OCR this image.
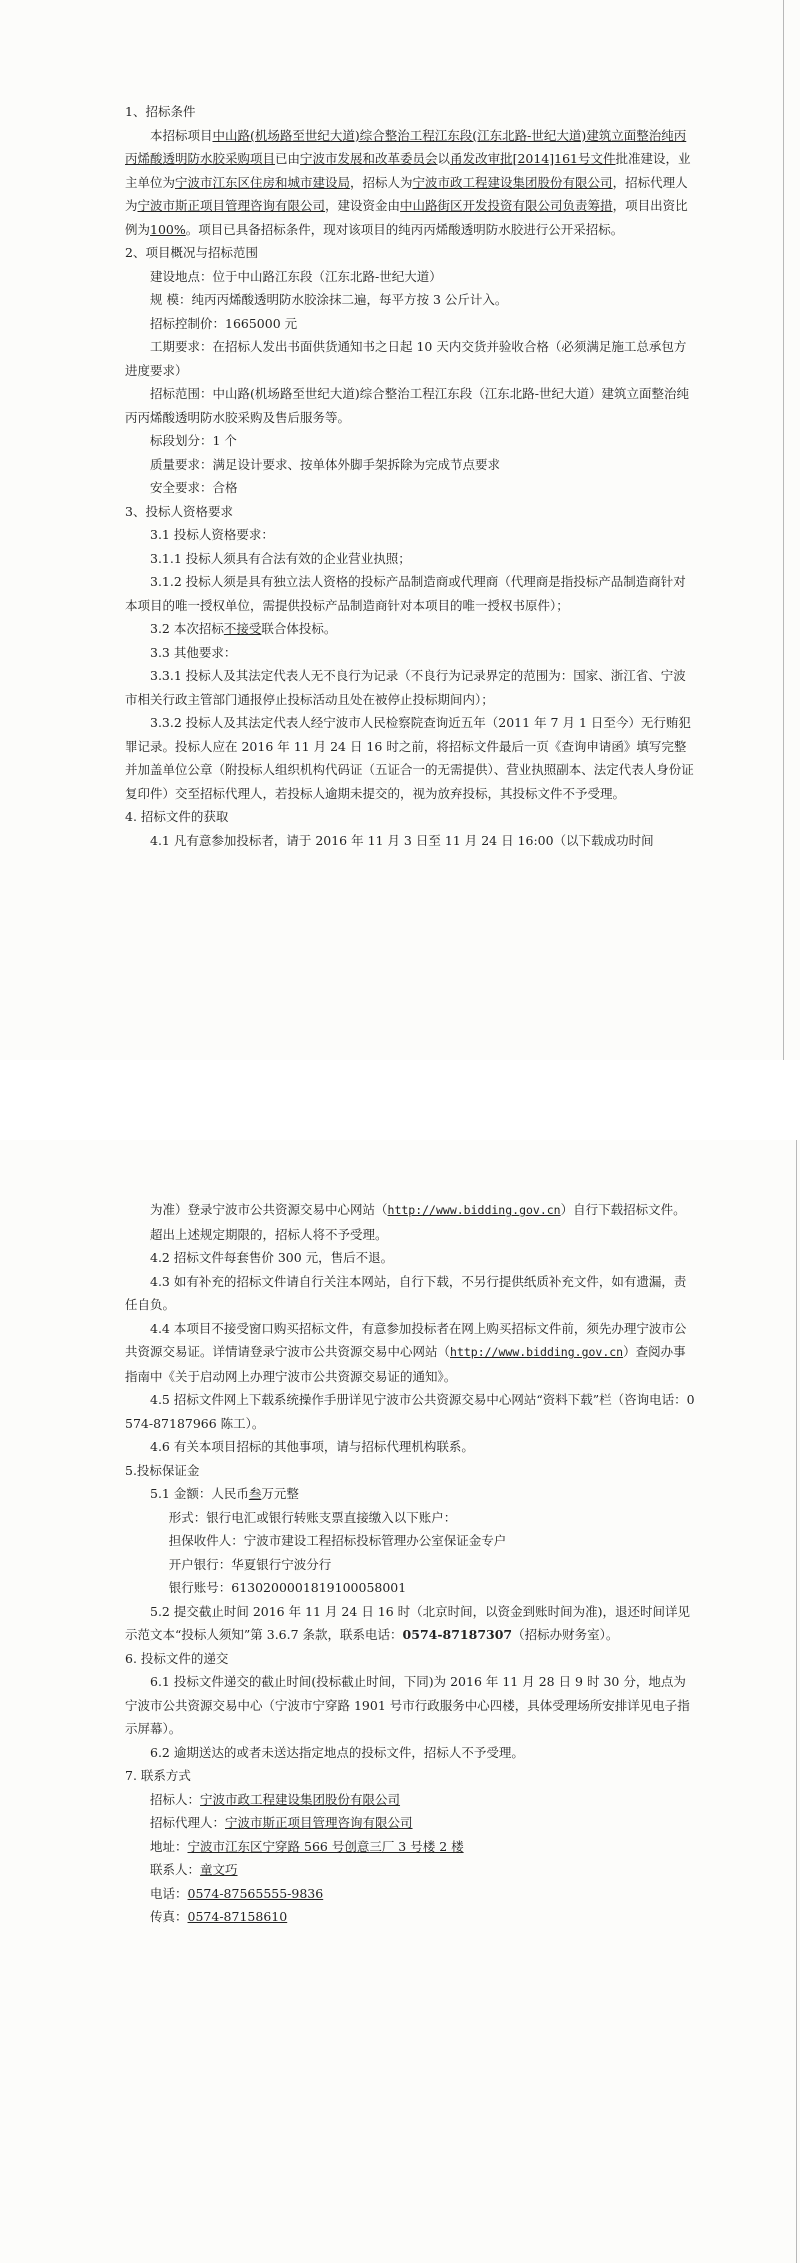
1、招标条件

本招标项目中山路(机场路至世纪大道)综合整治工程江东段(江东北路-世纪大道)建筑立面整治纯丙丙烯酸透明防水胶采购项目已由宁波市发展和改革委员会以甬发改审批[2014]161号文件批准建设，业主单位为宁波市江东区住房和城市建设局，招标人为宁波市政工程建设集团股份有限公司，招标代理人为宁波市斯正项目管理咨询有限公司，建设资金由中山路街区开发投资有限公司负责筹措，项目出资比例为100%。项目已具备招标条件，现对该项目的纯丙丙烯酸透明防水胶进行公开采招标。

2、项目概况与招标范围

建设地点：位于中山路江东段（江东北路-世纪大道）

规 模：纯丙丙烯酸透明防水胶涂抹二遍，每平方按 3 公斤计入。

招标控制价：1665000 元

工期要求：在招标人发出书面供货通知书之日起 10 天内交货并验收合格（必须满足施工总承包方进度要求）

招标范围：中山路(机场路至世纪大道)综合整治工程江东段（江东北路-世纪大道）建筑立面整治纯丙丙烯酸透明防水胶采购及售后服务等。

标段划分：1 个

质量要求：满足设计要求、按单体外脚手架拆除为完成节点要求

安全要求：合格

3、投标人资格要求

3.1 投标人资格要求：

3.1.1 投标人须具有合法有效的企业营业执照；

3.1.2 投标人须是具有独立法人资格的投标产品制造商或代理商（代理商是指投标产品制造商针对本项目的唯一授权单位，需提供投标产品制造商针对本项目的唯一授权书原件）；

3.2 本次招标不接受联合体投标。

3.3 其他要求：

3.3.1 投标人及其法定代表人无不良行为记录（不良行为记录界定的范围为：国家、浙江省、宁波市相关行政主管部门通报停止投标活动且处在被停止投标期间内）；

3.3.2 投标人及其法定代表人经宁波市人民检察院查询近五年（2011 年 7 月 1 日至今）无行贿犯罪记录。投标人应在 2016 年 11 月 24 日 16 时之前，将招标文件最后一页《查询申请函》填写完整并加盖单位公章（附投标人组织机构代码证（五证合一的无需提供）、营业执照副本、法定代表人身份证复印件）交至招标代理人，若投标人逾期未提交的，视为放弃投标，其投标文件不予受理。

4. 招标文件的获取

4.1 凡有意参加投标者，请于 2016 年 11 月 3 日至 11 月 24 日 16:00（以下载成功时间

为准）登录宁波市公共资源交易中心网站（http://www.bidding.gov.cn）自行下载招标文件。超出上述规定期限的，招标人将不予受理。

4.2 招标文件每套售价 300 元，售后不退。

4.3 如有补充的招标文件请自行关注本网站，自行下载，不另行提供纸质补充文件，如有遗漏，责任自负。

4.4 本项目不接受窗口购买招标文件，有意参加投标者在网上购买招标文件前，须先办理宁波市公共资源交易证。详情请登录宁波市公共资源交易中心网站（http://www.bidding.gov.cn）查阅办事指南中《关于启动网上办理宁波市公共资源交易证的通知》。

4.5 招标文件网上下载系统操作手册详见宁波市公共资源交易中心网站“资料下载”栏（咨询电话：0574-87187966 陈工）。

4.6 有关本项目招标的其他事项，请与招标代理机构联系。

5.投标保证金

5.1 金额：人民币叁万元整

形式：银行电汇或银行转账支票直接缴入以下账户：

担保收件人：宁波市建设工程招标投标管理办公室保证金专户

开户银行：华夏银行宁波分行

银行账号：6130200001819100058001

5.2 提交截止时间 2016 年 11 月 24 日 16 时（北京时间，以资金到账时间为准)，退还时间详见示范文本“投标人须知”第 3.6.7 条款，联系电话：0574-87187307（招标办财务室）。

6. 投标文件的递交

6.1 投标文件递交的截止时间(投标截止时间，下同)为 2016 年 11 月 28 日 9 时 30 分，地点为宁波市公共资源交易中心（宁波市宁穿路 1901 号市行政服务中心四楼，具体受理场所安排详见电子指示屏幕）。

6.2 逾期送达的或者未送达指定地点的投标文件，招标人不予受理。

7. 联系方式

招标人：宁波市政工程建设集团股份有限公司

招标代理人：宁波市斯正项目管理咨询有限公司

地址：宁波市江东区宁穿路 566 号创意三厂 3 号楼 2 楼

联系人：童文巧

电话：0574-87565555-9836

传真：0574-87158610
